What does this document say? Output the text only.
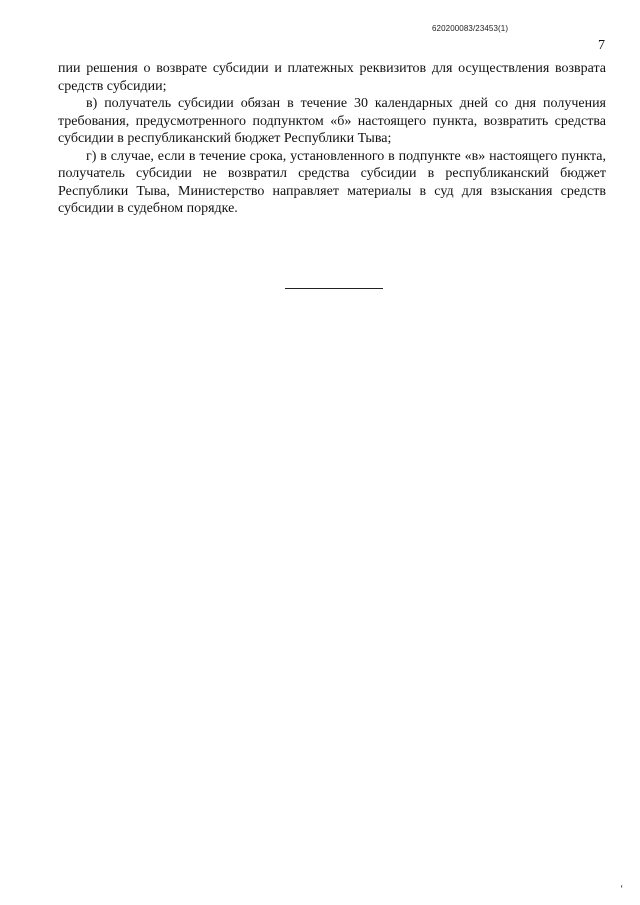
620200083/23453(1)
7

пии решения о возврате субсидии и платежных реквизитов для осуществления возврата средств субсидии;

в) получатель субсидии обязан в течение 30 календарных дней со дня получения требования, предусмотренного подпунктом «б» настоящего пункта, возвратить средства субсидии в республиканский бюджет Республики Тыва;

г) в случае, если в течение срока, установленного в подпункте «в» настоящего пункта, получатель субсидии не возвратил средства субсидии в республиканский бюджет Республики Тыва, Министерство направляет материалы в суд для взыскания средств субсидии в судебном порядке.

ʻ
